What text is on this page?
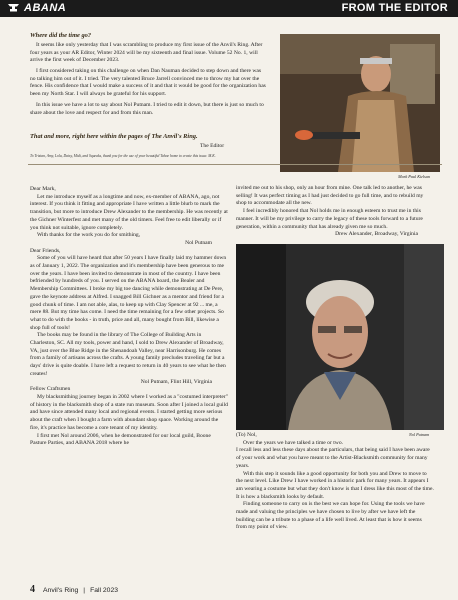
ABANA	FROM THE EDITOR
Where did the time go?

It seems like only yesterday that I was scrambling to produce my first issue of the Anvil's Ring. After four years as your AR Editor, Winter 2024 will be my sixteenth and final issue. Volume 52 No. 1, will arrive the first week of December 2023.

I first considered taking on this challenge on when Dan Nauman decided to step down and there was no talking him out of it. I tried. The very talented Bruce Jarrell convinced me to throw my hat over the fence. His confidence that I would make a success of it and that it would be good for the organization has been my North Star. I will always be grateful for his support.

In this issue we have a lot to say about Nol Putnam. I tried to edit it down, but there is just so much to share about the love and respect for and from this man.

That and more, right here within the pages of The Anvil's Ring.
The Editor
To Tristan, Amy, Lola, Daisy, Midi, and Squeaks, thank you for the use of your beautiful Tahoe home to create this issue. M.K.
Mark Paul Kielsan

Dear Mark,

Let me introduce myself as a longtime and now, ex-member of ABANA, ago, not interest. If you think it fitting and appropriate I have written a little blurb to mark the transition, but more to introduce Drew Alexander to the membership. He was recently at the Gichner Winterfest and met many of the old timers. Feel free to edit liberally or if you think not suitable, ignore completely.

With thanks for the work you do for smithing,

Nol Putnam

Dear Friends,

Some of you will have heard that after 50 years I have finally laid my hammer down as of January 1, 2022. The organization and it's membership have been generous to me over the years. I have been invited to demonstrate in most of the country. I have been befriended by hundreds of you. I served on the ABANA board, the Bealer and Membership Committees. I broke my big toe dancing while demonstrating at De Pere, gave the keynote address at Alfred. I snagged Bill Gichner as a mentor and friend for a good chunk of time. I am not able, alas, to keep up with Clay Spencer at 92 ... me, a mere 88. But my time has come. I need the time remaining for a few other projects. So what to do with the books - in truth, price and all, many bought from Bill, likewise a shop full of tools!

The books may be found in the library of The College of Building Arts in Charleston, SC. All my tools, power and hand, I sold to Drew Alexander of Broadway, VA, just over the Blue Ridge in the Shenandoah Valley, near Harrisonburg. He comes from a family of artisans across the crafts. A young family precludes traveling far but a days' drive is quite doable. I have left a request to return in 40 years to see what he then creates!

Nol Putnam, Flint Hill, Virginia

Fellow Craftsmen

My blacksmithing journey began in 2002 where I worked as a "costumed interpreter" of history in the blacksmith shop of a state run museum. Soon after I joined a local guild and have since attended many local and regional events. I started getting more serious about the craft when I bought a farm with abundant shop space. Working around the fire, it's practice has become a core tenant of my identity.

I first met Nol around 2006, when he demonstrated for our local guild, Boone Pasture Parties, and ABANA 2018 where he

invited me out to his shop, only an hour from mine. One talk led to another, he was selling! It was perfect timing as I had just decided to go full time, and to rebuild my shop to accommodate all the new.

I feel incredibly honored that Nol holds me in enough esteem to trust me in this manner. It will be my privilege to carry the legacy of these tools forward to a future generation, within a community that has already given me so much.

Drew Alexander, Broadway, Virginia

Nol Putnam

(To) Nol,

Over the years we have talked a time or two.

I recall less and less these days about the particulars, that being said I have been aware of your work and what you have meant to the Artist-Blacksmith community for many years.

With this step it sounds like a good opportunity for both you and Drew to move to the next level. Like Drew I have worked in a historic park for many years. It appears I am wearing a costume but what they don't know is that I dress like this most of the time. It is how a blacksmith looks by default.

Finding someone to carry on is the best we can hope for. Using the tools we have made and valuing the principles we have chosen to live by after we have left the building can be a tribute to a phase of a life well lived. At least that is how it seems from my point of view.

4 Anvil's Ring | Fall 2023
